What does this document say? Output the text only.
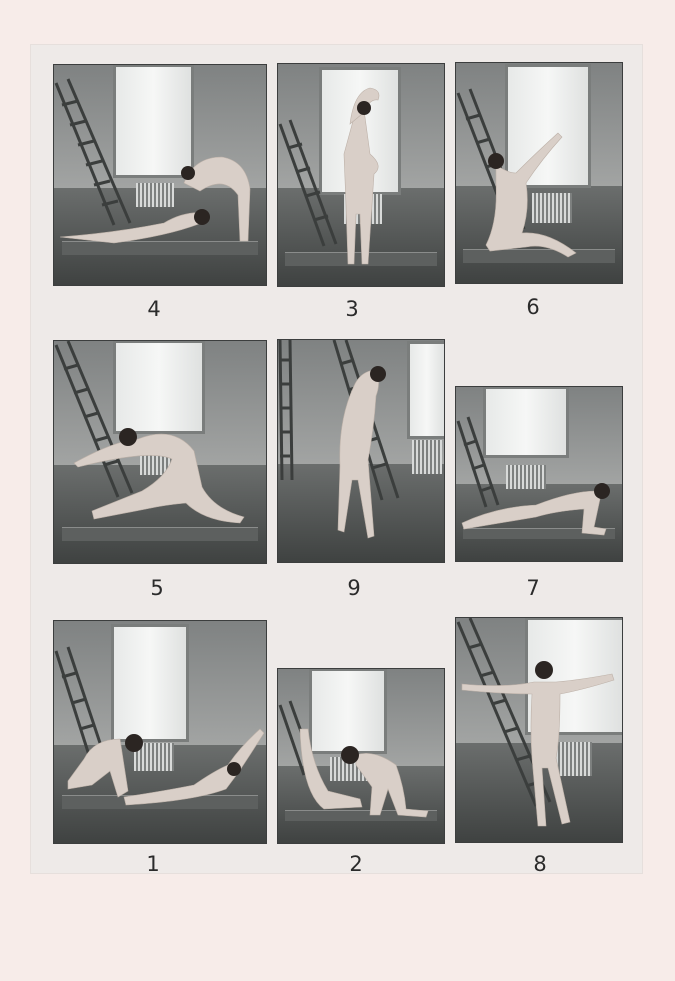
4	3	6
5	9	7
1	2	8
